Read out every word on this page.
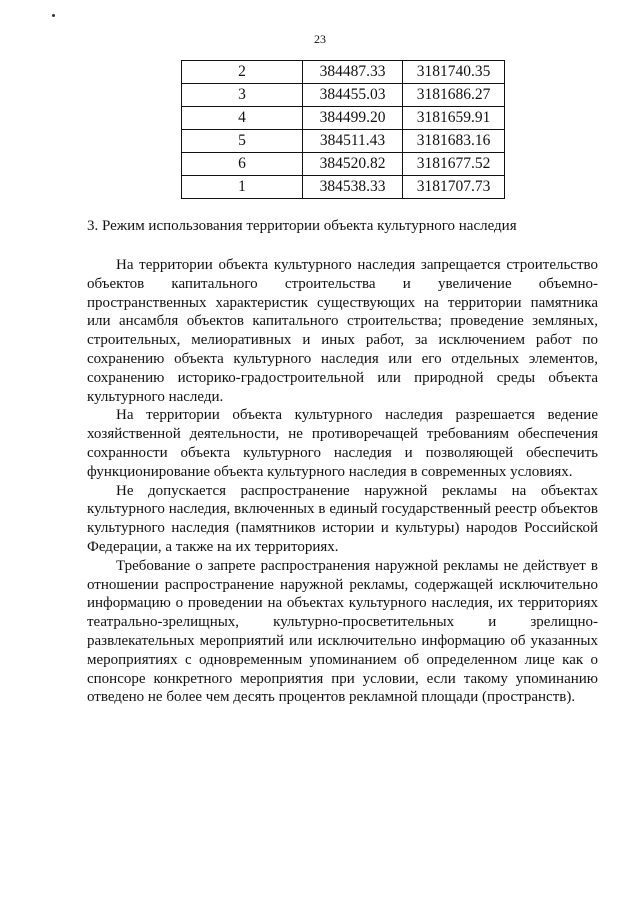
23
2	384487.33	3181740.35
3	384455.03	3181686.27
4	384499.20	3181659.91
5	384511.43	3181683.16
6	384520.82	3181677.52
1	384538.33	3181707.73
3. Режим использования территории объекта культурного наследия

На территории объекта культурного наследия запрещается строительство объектов капитального строительства и увеличение объемно-пространственных характеристик существующих на территории памятника или ансамбля объектов капитального строительства; проведение земляных, строительных, мелиоративных и иных работ, за исключением работ по сохранению объекта культурного наследия или его отдельных элементов, сохранению историко-градостроительной или природной среды объекта культурного наследи.

На территории объекта культурного наследия разрешается ведение хозяйственной деятельности, не противоречащей требованиям обеспечения сохранности объекта культурного наследия и позволяющей обеспечить функционирование объекта культурного наследия в современных условиях.

Не допускается распространение наружной рекламы на объектах культурного наследия, включенных в единый государственный реестр объектов культурного наследия (памятников истории и культуры) народов Российской Федерации, а также на их территориях.

Требование о запрете распространения наружной рекламы не действует в отношении распространение наружной рекламы, содержащей исключительно информацию о проведении на объектах культурного наследия, их территориях театрально-зрелищных, культурно-просветительных и зрелищно-развлекательных мероприятий или исключительно информацию об указанных мероприятиях с одновременным упоминанием об определенном лице как о спонсоре конкретного мероприятия при условии, если такому упоминанию отведено не более чем десять процентов рекламной площади (пространств).
